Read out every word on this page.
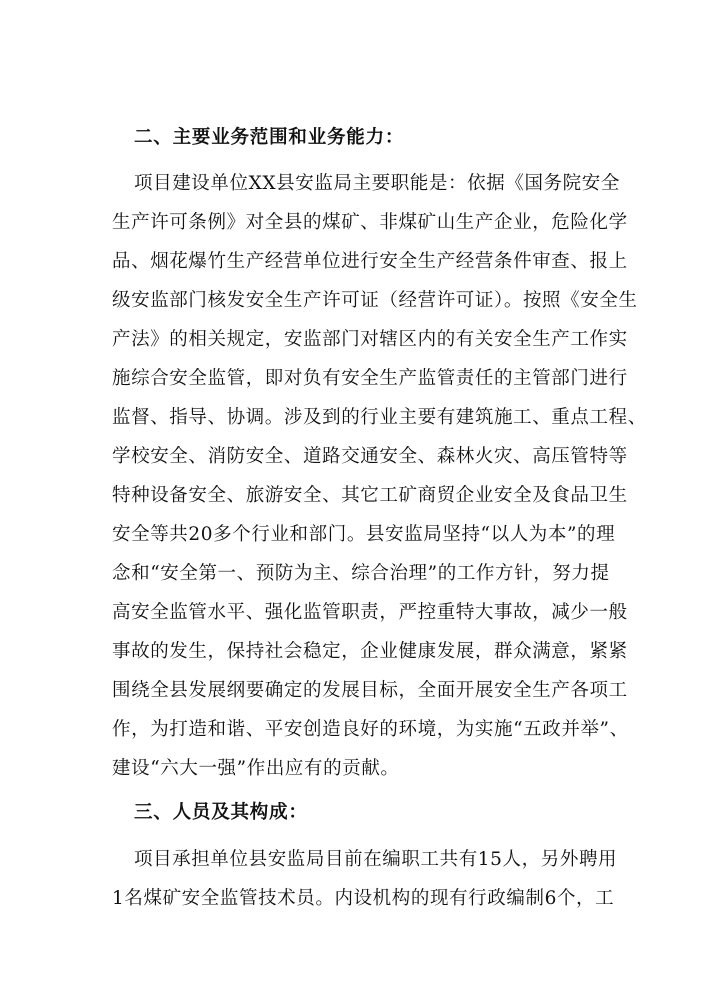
二、主要业务范围和业务能力：
项目建设单位XX县安监局主要职能是：依据《国务院安全
生产许可条例》对全县的煤矿、非煤矿山生产企业，危险化学
品、烟花爆竹生产经营单位进行安全生产经营条件审查、报上
级安监部门核发安全生产许可证（经营许可证）。按照《安全生
产法》的相关规定，安监部门对辖区内的有关安全生产工作实
施综合安全监管，即对负有安全生产监管责任的主管部门进行
监督、指导、协调。涉及到的行业主要有建筑施工、重点工程、
学校安全、消防安全、道路交通安全、森林火灾、高压管特等
特种设备安全、旅游安全、其它工矿商贸企业安全及食品卫生
安全等共20多个行业和部门。县安监局坚持“以人为本”的理
念和“安全第一、预防为主、综合治理”的工作方针，努力提
高安全监管水平、强化监管职责，严控重特大事故，减少一般
事故的发生，保持社会稳定，企业健康发展，群众满意，紧紧
围绕全县发展纲要确定的发展目标，全面开展安全生产各项工
作，为打造和谐、平安创造良好的环境，为实施“五政并举”、
建设“六大一强”作出应有的贡献。
三、人员及其构成：
项目承担单位县安监局目前在编职工共有15人，另外聘用
1名煤矿安全监管技术员。内设机构的现有行政编制6个，工
